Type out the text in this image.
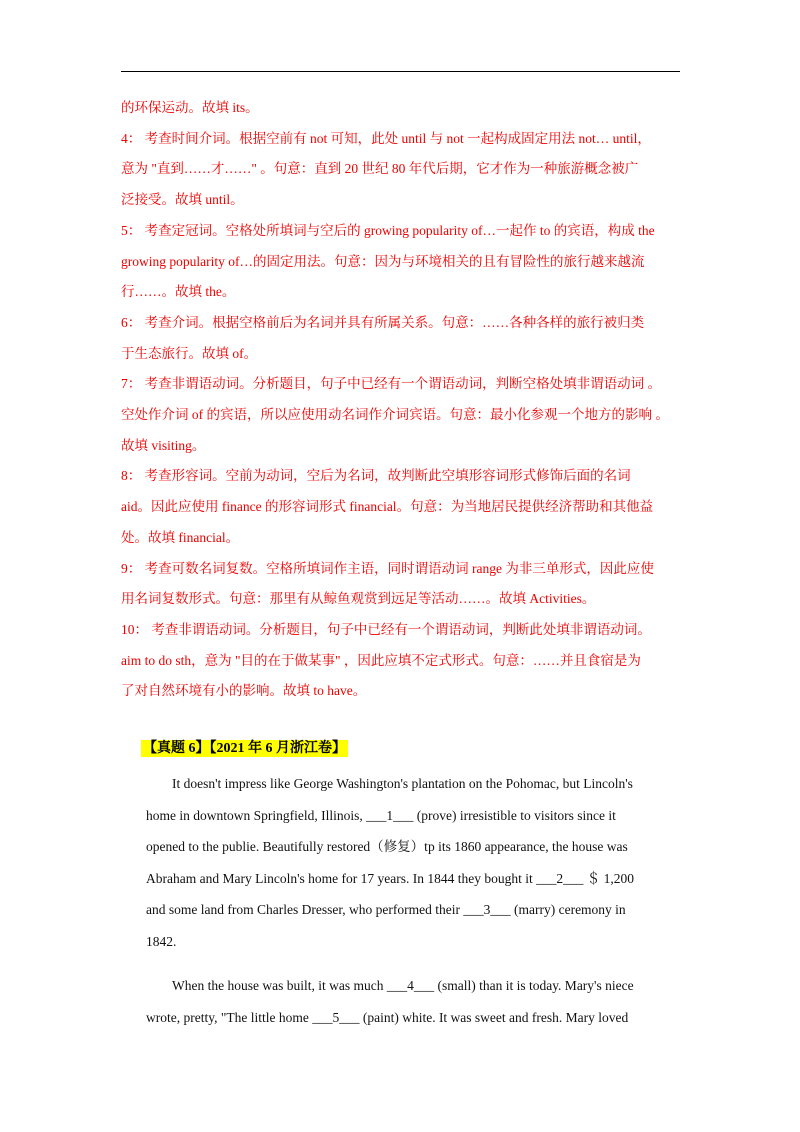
的环保运动。故填 its。

4： 考查时间介词。根据空前有 not 可知，此处 until 与 not 一起构成固定用法 not… until，

意为 "直到……才……" 。句意：直到 20 世纪 80 年代后期，它才作为一种旅游概念被广

泛接受。故填 until。

5： 考查定冠词。空格处所填词与空后的 growing popularity of…一起作 to 的宾语，构成 the

growing popularity of…的固定用法。句意：因为与环境相关的且有冒险性的旅行越来越流

行……。故填 the。

6： 考查介词。根据空格前后为名词并具有所属关系。句意：……各种各样的旅行被归类

于生态旅行。故填 of。

7： 考查非谓语动词。分析题目，句子中已经有一个谓语动词，判断空格处填非谓语动词 。

空处作介词 of 的宾语，所以应使用动名词作介词宾语。句意：最小化参观一个地方的影响 。

故填 visiting。

8： 考查形容词。空前为动词，空后为名词，故判断此空填形容词形式修饰后面的名词

aid。因此应使用 finance 的形容词形式 financial。句意：为当地居民提供经济帮助和其他益

处。故填 financial。

9： 考查可数名词复数。空格所填词作主语，同时谓语动词 range 为非三单形式，因此应使

用名词复数形式。句意：那里有从鲸鱼观赏到远足等活动……。故填 Activities。

10： 考查非谓语动词。分析题目，句子中已经有一个谓语动词，判断此处填非谓语动词。

aim to do sth，意为 "目的在于做某事" ，因此应填不定式形式。句意：……并且食宿是为

了对自然环境有小的影响。故填 to have。

【真题 6】【2021 年 6 月浙江卷】

It doesn't impress like George Washington's plantation on the Pohomac, but Lincoln's

home in downtown Springfield, Illinois, ___1___ (prove) irresistible to visitors since it

opened to the publie. Beautifully restored（修复）tp its 1860 appearance, the house was

Abraham and Mary Lincoln's home for 17 years. In 1844 they bought it ___2___ ＄ 1,200

and some land from Charles Dresser, who performed their ___3___ (marry) ceremony in

1842.

When the house was built, it was much ___4___ (small) than it is today. Mary's niece

wrote, pretty, "The little home ___5___ (paint) white. It was sweet and fresh. Mary loved
